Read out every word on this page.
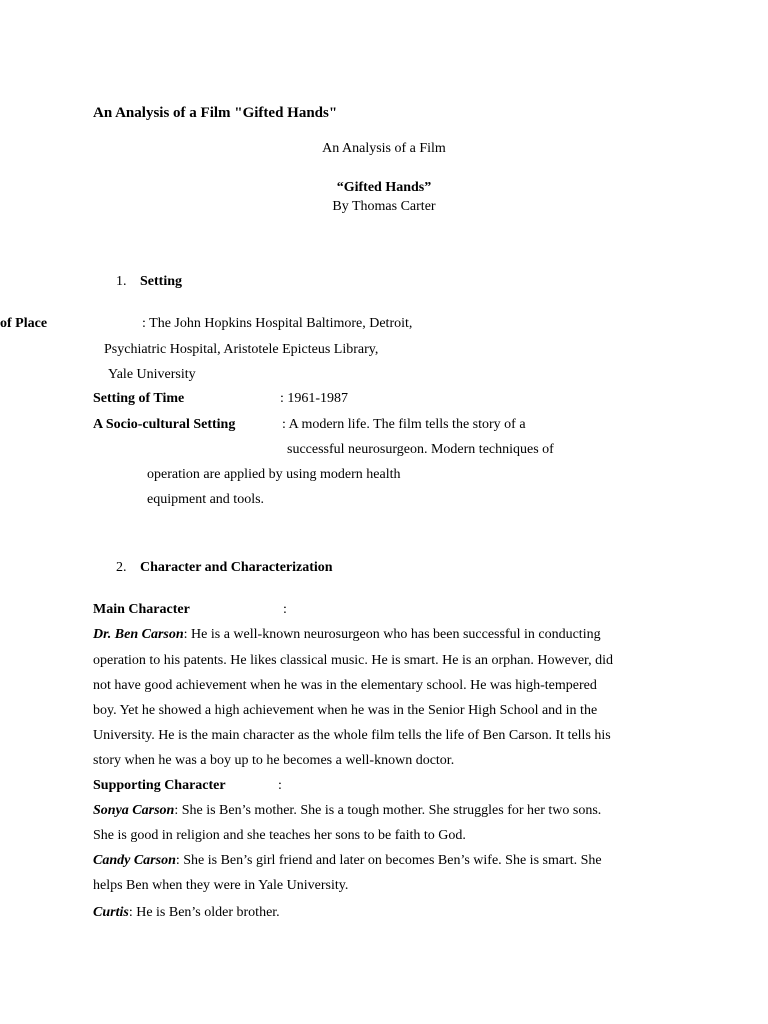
An Analysis of a Film "Gifted Hands"
An Analysis of a Film
“Gifted Hands”
By Thomas Carter
1. Setting
of Place	: The John Hopkins Hospital Baltimore, Detroit,
Psychiatric Hospital, Aristotele Epicteus Library,
Yale University
Setting of Time	: 1961-1987
A Socio-cultural Setting	: A modern life. The film tells the story of a
successful neurosurgeon. Modern techniques of
operation are applied by using modern health
equipment and tools.
2. Character and Characterization
Main Character	:
Dr. Ben Carson: He is a well-known neurosurgeon who has been successful in conducting
operation to his patents. He likes classical music. He is smart. He is an orphan. However, did
not have good achievement when he was in the elementary school. He was high-tempered
boy. Yet he showed a high achievement when he was in the Senior High School and in the
University. He is the main character as the whole film tells the life of Ben Carson. It tells his
story when he was a boy up to he becomes a well-known doctor.
Supporting Character	:
Sonya Carson: She is Ben’s mother. She is a tough mother. She struggles for her two sons.
She is good in religion and she teaches her sons to be faith to God.
Candy Carson: She is Ben’s girl friend and later on becomes Ben’s wife. She is smart. She
helps Ben when they were in Yale University.
Curtis: He is Ben’s older brother.
